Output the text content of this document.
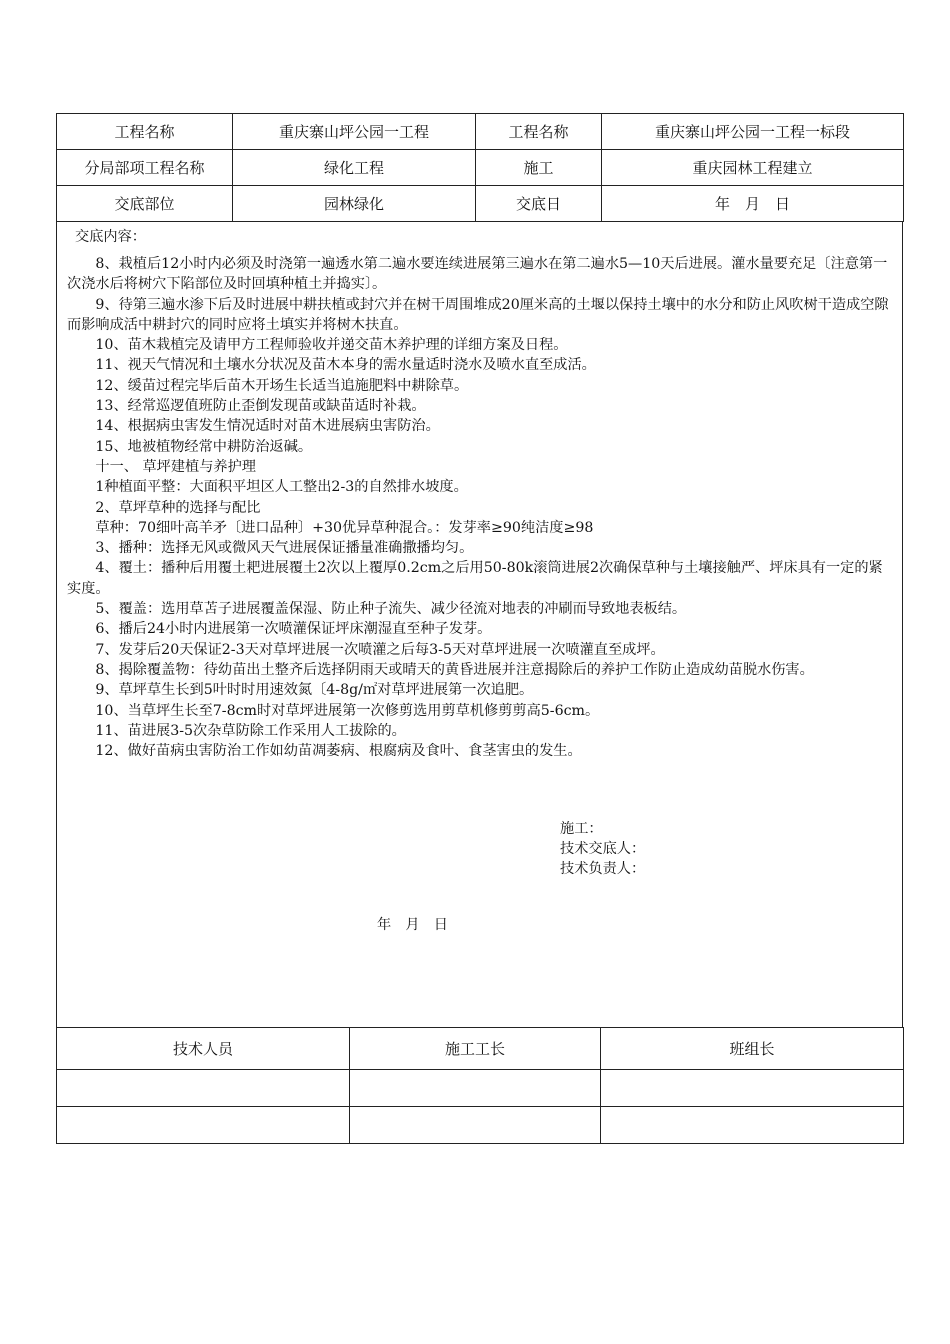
工程名称	重庆寨山坪公园一工程	工程名称	重庆寨山坪公园一工程一标段
分局部项工程名称	绿化工程	施工	重庆园林工程建立
交底部位	园林绿化	交底日	年　月　日
交底内容：

8、栽植后12小时内必须及时浇第一遍透水第二遍水要连续进展第三遍水在第二遍水5—10天后进展。灌水量要充足〔注意第一次浇水后将树穴下陷部位及时回填种植土并捣实〕。

9、待第三遍水渗下后及时进展中耕扶植或封穴并在树干周围堆成20厘米高的土堰以保持土壤中的水分和防止风吹树干造成空隙而影响成活中耕封穴的同时应将土填实并将树木扶直。

10、苗木栽植完及请甲方工程师验收并递交苗木养护理的详细方案及日程。

11、视天气情况和土壤水分状况及苗木本身的需水量适时浇水及喷水直至成活。

12、缓苗过程完毕后苗木开场生长适当追施肥料中耕除草。

13、经常巡逻值班防止歪倒发现苗或缺苗适时补栽。

14、根据病虫害发生情况适时对苗木进展病虫害防治。

15、地被植物经常中耕防治返碱。

十一、 草坪建植与养护理

1种植面平整：大面积平坦区人工整出2-3的自然排水坡度。

2、草坪草种的选择与配比

草种：70细叶高羊矛〔进口品种〕+30优异草种混合。：发芽率≥90纯洁度≥98

3、播种：选择无风或微风天气进展保证播量准确撒播均匀。

4、覆土：播种后用覆土耙进展覆土2次以上覆厚0.2cm之后用50-80k滚筒进展2次确保草种与土壤接触严、坪床具有一定的紧实度。

5、覆盖：选用草苫子进展覆盖保湿、防止种子流失、减少径流对地表的冲刷而导致地表板结。

6、播后24小时内进展第一次喷灌保证坪床潮湿直至种子发芽。

7、发芽后20天保证2-3天对草坪进展一次喷灌之后每3-5天对草坪进展一次喷灌直至成坪。

8、揭除覆盖物：待幼苗出土整齐后选择阴雨天或晴天的黄昏进展并注意揭除后的养护工作防止造成幼苗脱水伤害。

9、草坪草生长到5叶时时用速效氮〔4-8g/㎡对草坪进展第一次追肥。

10、当草坪生长至7-8cm时对草坪进展第一次修剪选用剪草机修剪剪高5-6cm。

11、苗进展3-5次杂草防除工作采用人工拔除的。

12、做好苗病虫害防治工作如幼苗凋萎病、根腐病及食叶、食茎害虫的发生。

施工：
技术交底人：
技术负责人：
年　月　日
技术人员	施工工长	班组长
